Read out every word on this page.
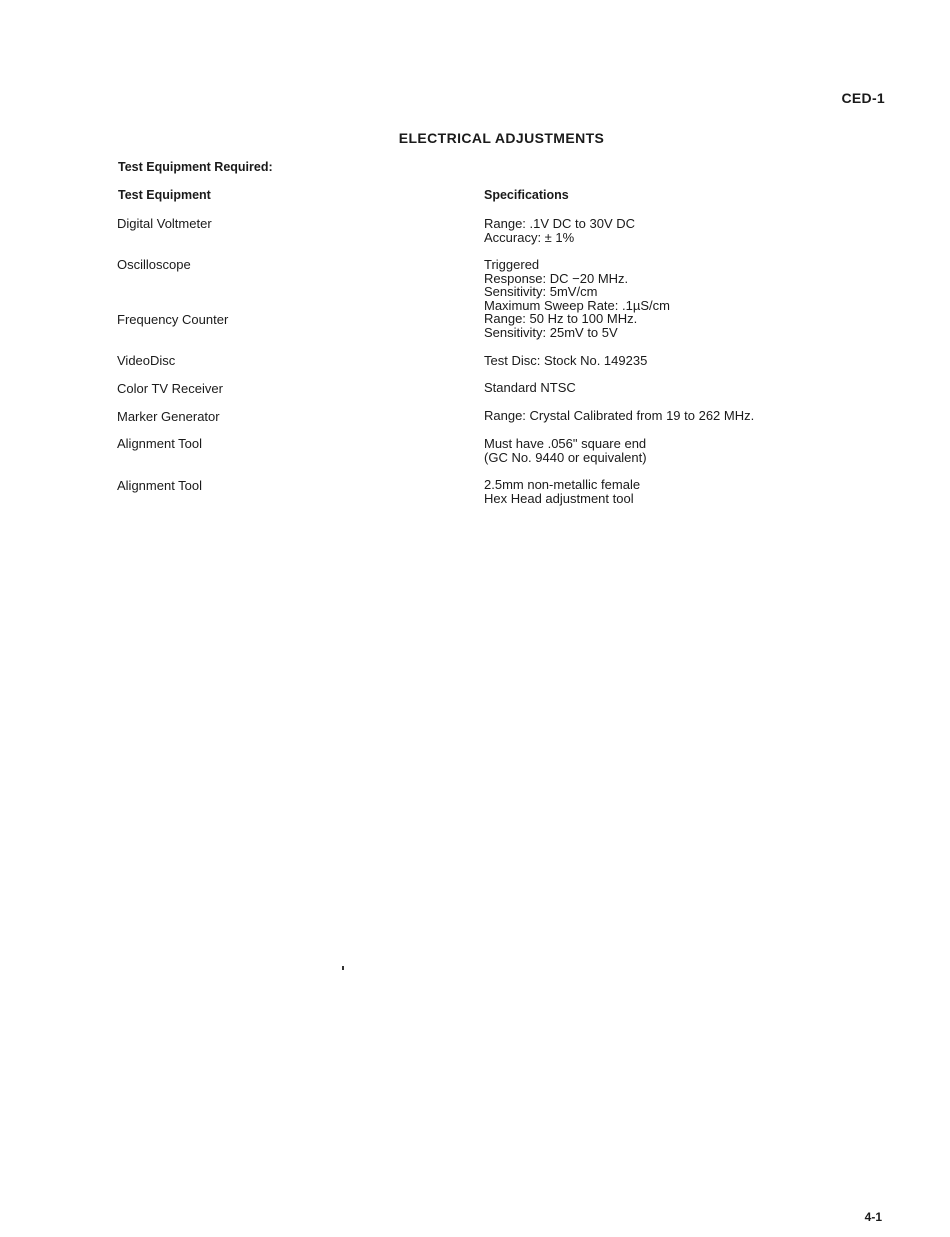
CED-1
ELECTRICAL ADJUSTMENTS
Test Equipment Required:
Test Equipment	Specifications
Digital Voltmeter	Range: .1V DC to 30V DC
Accuracy: ± 1%
Oscilloscope	Triggered
Response: DC −20 MHz.
Sensitivity: 5mV/cm
Maximum Sweep Rate: .1µS/cm
Frequency Counter	Range: 50 Hz to 100 MHz.
Sensitivity: 25mV to 5V
VideoDisc	Test Disc: Stock No. 149235
Color TV Receiver	Standard NTSC
Marker Generator	Range: Crystal Calibrated from 19 to 262 MHz.
Alignment Tool	Must have .056" square end
(GC No. 9440 or equivalent)
Alignment Tool	2.5mm non-metallic female
Hex Head adjustment tool
4-1
